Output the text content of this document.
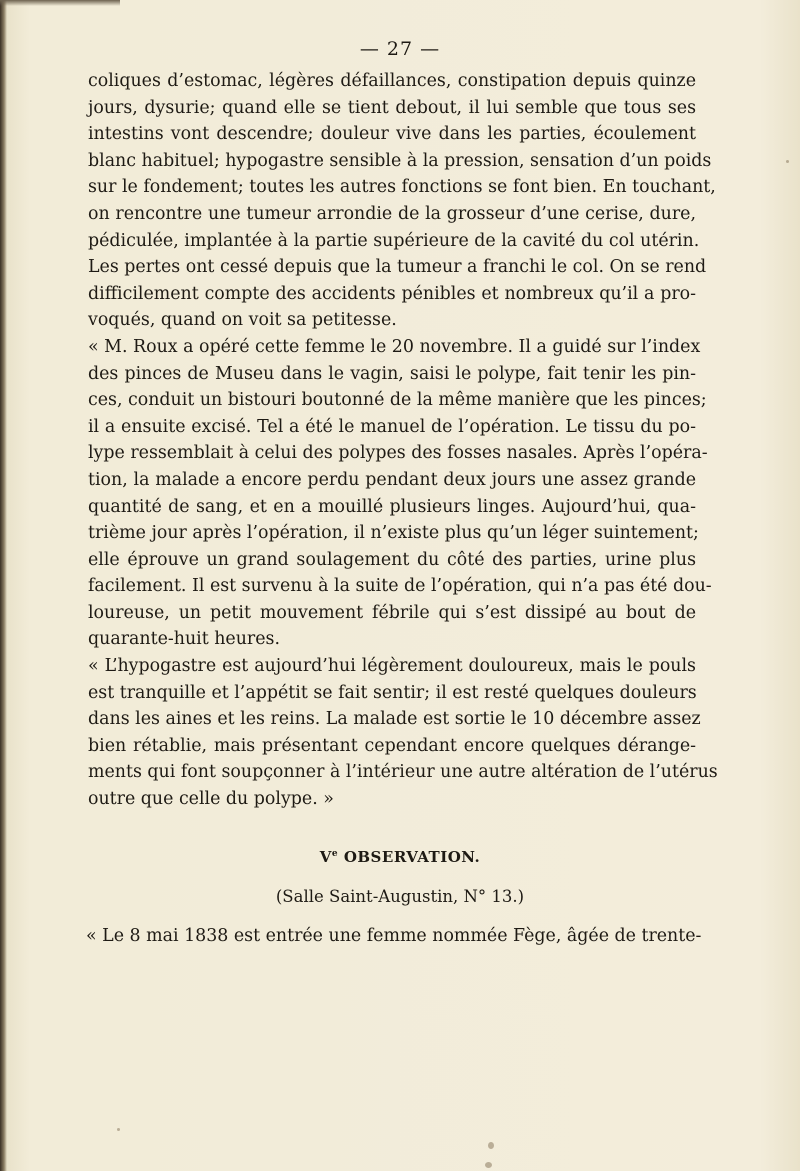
— 27 —
coliques d’estomac, légères défaillances, constipation depuis quinze
jours, dysurie; quand elle se tient debout, il lui semble que tous ses
intestins vont descendre; douleur vive dans les parties, écoulement
blanc habituel; hypogastre sensible à la pression, sensation d’un poids
sur le fondement; toutes les autres fonctions se font bien. En touchant,
on rencontre une tumeur arrondie de la grosseur d’une cerise, dure,
pédiculée, implantée à la partie supérieure de la cavité du col utérin.
Les pertes ont cessé depuis que la tumeur a franchi le col. On se rend
difficilement compte des accidents pénibles et nombreux qu’il a pro-
voqués, quand on voit sa petitesse.
« M. Roux a opéré cette femme le 20 novembre. Il a guidé sur l’index
des pinces de Museu dans le vagin, saisi le polype, fait tenir les pin-
ces, conduit un bistouri boutonné de la même manière que les pinces;
il a ensuite excisé. Tel a été le manuel de l’opération. Le tissu du po-
lype ressemblait à celui des polypes des fosses nasales. Après l’opéra-
tion, la malade a encore perdu pendant deux jours une assez grande
quantité de sang, et en a mouillé plusieurs linges. Aujourd’hui, qua-
trième jour après l’opération, il n’existe plus qu’un léger suintement;
elle éprouve un grand soulagement du côté des parties, urine plus
facilement. Il est survenu à la suite de l’opération, qui n’a pas été dou-
loureuse, un petit mouvement fébrile qui s’est dissipé au bout de
quarante-huit heures.
« L’hypogastre est aujourd’hui légèrement douloureux, mais le pouls
est tranquille et l’appétit se fait sentir; il est resté quelques douleurs
dans les aines et les reins. La malade est sortie le 10 décembre assez
bien rétablie, mais présentant cependant encore quelques dérange-
ments qui font soupçonner à l’intérieur une autre altération de l’utérus
outre que celle du polype. »
Ve OBSERVATION.
(Salle Saint-Augustin, N° 13.)
« Le 8 mai 1838 est entrée une femme nommée Fège, âgée de trente-
